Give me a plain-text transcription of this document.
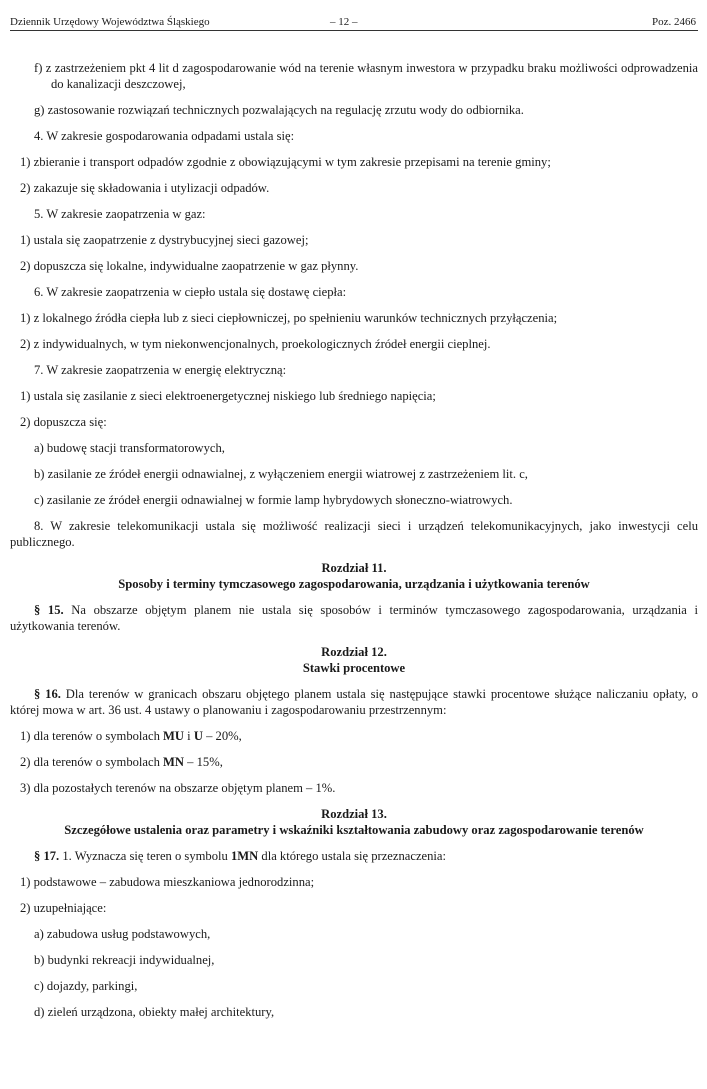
Dziennik Urzędowy Województwa Śląskiego	– 12 –	Poz. 2466

f) z zastrzeżeniem pkt 4 lit d zagospodarowanie wód na terenie własnym inwestora w przypadku braku możliwości odprowadzenia do kanalizacji deszczowej,

g) zastosowanie rozwiązań technicznych pozwalających na regulację zrzutu wody do odbiornika.

4. W zakresie gospodarowania odpadami ustala się:

1) zbieranie i transport odpadów zgodnie z obowiązującymi w tym zakresie przepisami na terenie gminy;

2) zakazuje się składowania i utylizacji odpadów.

5. W zakresie zaopatrzenia w gaz:

1) ustala się zaopatrzenie z dystrybucyjnej sieci gazowej;

2) dopuszcza się lokalne, indywidualne zaopatrzenie w gaz płynny.

6. W zakresie zaopatrzenia w ciepło ustala się dostawę ciepła:

1) z lokalnego źródła ciepła lub z sieci ciepłowniczej, po spełnieniu warunków technicznych przyłączenia;

2) z indywidualnych, w tym niekonwencjonalnych, proekologicznych źródeł energii cieplnej.

7. W zakresie zaopatrzenia w energię elektryczną:

1) ustala się zasilanie z sieci elektroenergetycznej niskiego lub średniego napięcia;

2) dopuszcza się:

a) budowę stacji transformatorowych,

b) zasilanie ze źródeł energii odnawialnej, z wyłączeniem energii wiatrowej z zastrzeżeniem lit. c,

c) zasilanie ze źródeł energii odnawialnej w formie lamp hybrydowych słoneczno-wiatrowych.

8. W zakresie telekomunikacji ustala się możliwość realizacji sieci i urządzeń telekomunikacyjnych, jako inwestycji celu publicznego.

Rozdział 11.
Sposoby i terminy tymczasowego zagospodarowania, urządzania i użytkowania terenów

§ 15. Na obszarze objętym planem nie ustala się sposobów i terminów tymczasowego zagospodarowania, urządzania i użytkowania terenów.

Rozdział 12.
Stawki procentowe

§ 16. Dla terenów w granicach obszaru objętego planem ustala się następujące stawki procentowe służące naliczaniu opłaty, o której mowa w art. 36 ust. 4 ustawy o planowaniu i zagospodarowaniu przestrzennym:

1) dla terenów o symbolach MU i U – 20%,

2) dla terenów o symbolach MN – 15%,

3) dla pozostałych terenów na obszarze objętym planem – 1%.

Rozdział 13.
Szczegółowe ustalenia oraz parametry i wskaźniki kształtowania zabudowy oraz zagospodarowanie terenów

§ 17. 1. Wyznacza się teren o symbolu 1MN dla którego ustala się przeznaczenia:

1) podstawowe – zabudowa mieszkaniowa jednorodzinna;

2) uzupełniające:

a) zabudowa usług podstawowych,

b) budynki rekreacji indywidualnej,

c) dojazdy, parkingi,

d) zieleń urządzona, obiekty małej architektury,
